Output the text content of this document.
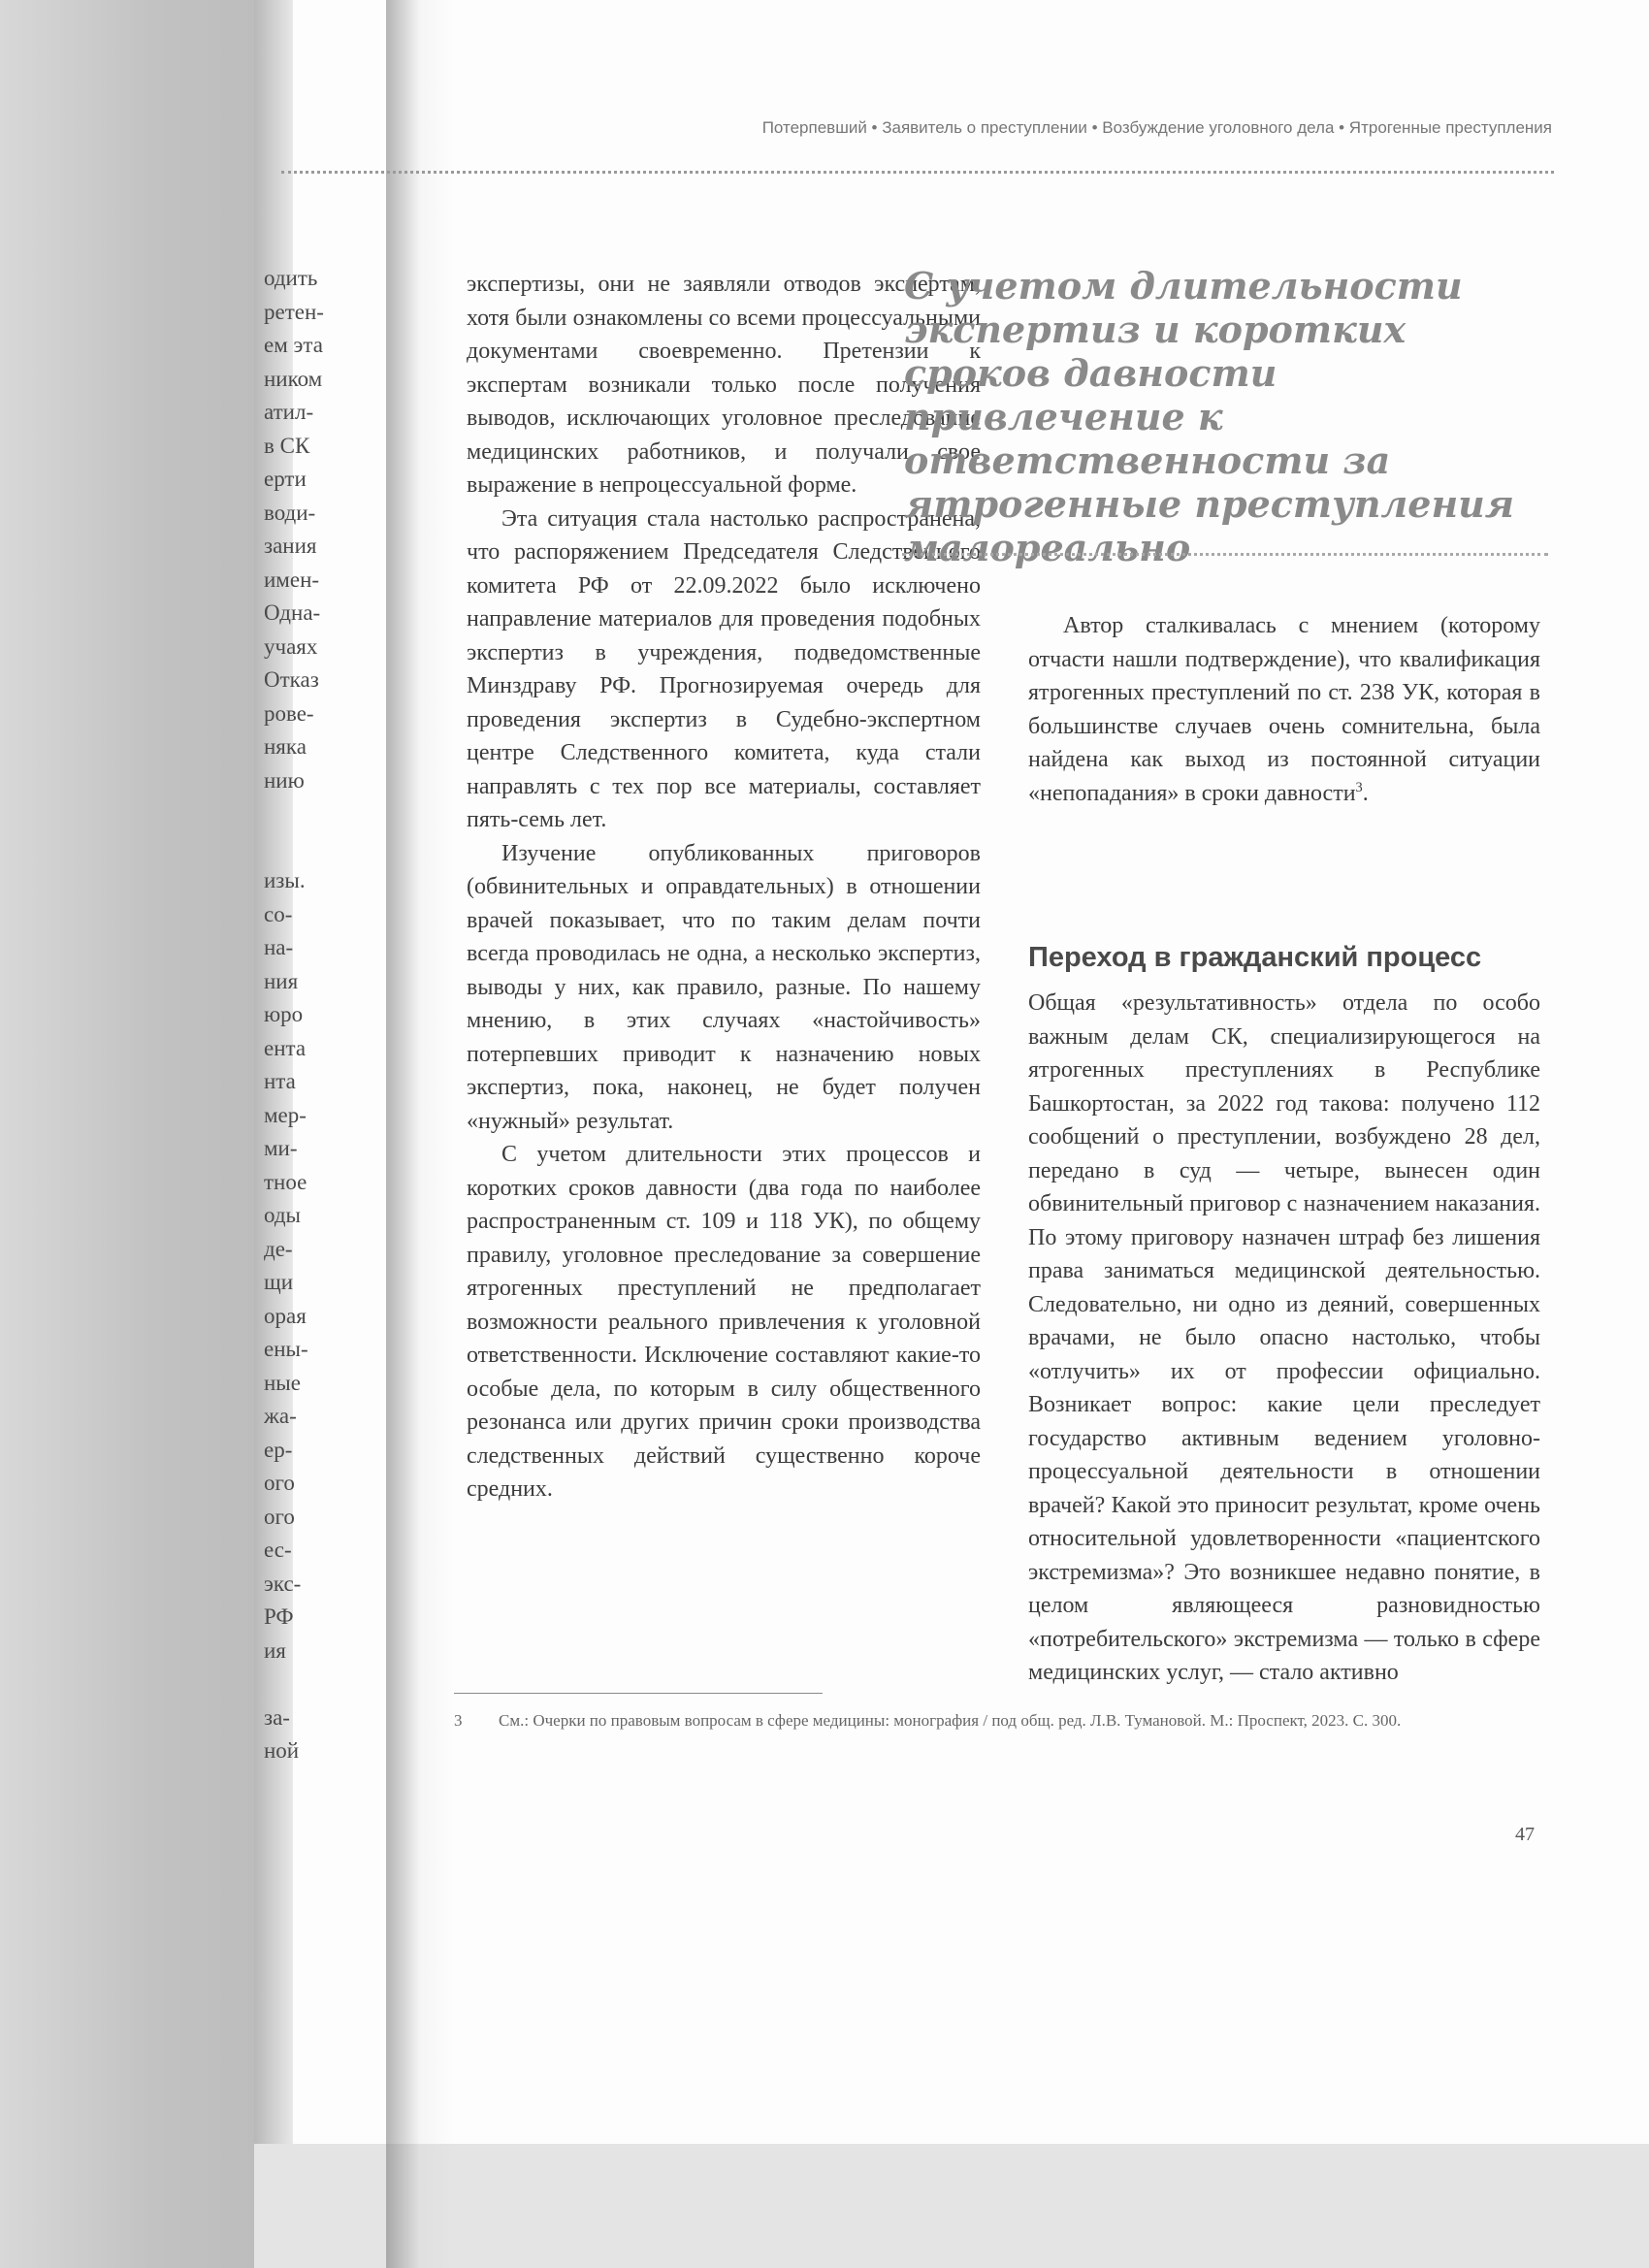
одить
ретен-
ем эта
ником
атил-
в СК
ерти
води-
зания
имен-
Одна-
учаях
Отказ
рове-
няка
нию
изы.
со-
на-
ния
юро
ента
нта
мер-
ми-
тное
оды
де-
щи
орая
ены-
ные
жа-
ер-
ого
ого
ес-
экс-
РФ
ия
за-
ной
Потерпевший • Заявитель о преступлении • Возбуждение уголовного дела • Ятрогенные преступления

экспертизы, они не заявляли отводов экспертам, хотя были ознакомлены со всеми процессуальными документами своевременно. Претензии к экспертам возникали только после получения выводов, исключающих уголовное преследование медицинских работников, и получали свое выражение в непроцессуальной форме.

Эта ситуация стала настолько распространена, что распоряжением Председателя Следственного комитета РФ от 22.09.2022 было исключено направление материалов для проведения подобных экспертиз в учреждения, подведомственные Минздраву РФ. Прогнозируемая очередь для проведения экспертиз в Судебно-экспертном центре Следственного комитета, куда стали направлять с тех пор все материалы, составляет пять-семь лет.

Изучение опубликованных приговоров (обвинительных и оправдательных) в отношении врачей показывает, что по таким делам почти всегда проводилась не одна, а несколько экспертиз, выводы у них, как правило, разные. По нашему мнению, в этих случаях «настойчивость» потерпевших приводит к назначению новых экспертиз, пока, наконец, не будет получен «нужный» результат.

С учетом длительности этих процессов и коротких сроков давности (два года по наиболее распространенным ст. 109 и 118 УК), по общему правилу, уголовное преследование за совершение ятрогенных преступлений не предполагает возможности реального привлечения к уголовной ответственности. Исключение составляют какие-то особые дела, по которым в силу общественного резонанса или других причин сроки производства следственных действий существенно короче средних.

С учетом длительности экспертиз и коротких сроков давности привлечение к ответственности за ятрогенные преступления малореально

Автор сталкивалась с мнением (которому отчасти нашли подтверждение), что квалификация ятрогенных преступлений по ст. 238 УК, которая в большинстве случаев очень сомнительна, была найдена как выход из постоянной ситуации «непопадания» в сроки давности$^3$.

Переход в гражданский процесс

Общая «результативность» отдела по особо важным делам СК, специализирующегося на ятрогенных преступлениях в Республике Башкортостан, за 2022 год такова: получено 112 сообщений о преступлении, возбуждено 28 дел, передано в суд — четыре, вынесен один обвинительный приговор с назначением наказания. По этому приговору назначен штраф без лишения права заниматься медицинской деятельностью. Следовательно, ни одно из деяний, совершенных врачами, не было опасно настолько, чтобы «отлучить» их от профессии официально. Возникает вопрос: какие цели преследует государство активным ведением уголовно-процессуальной деятельности в отношении врачей? Какой это приносит результат, кроме очень относительной удовлетворенности «пациентского экстремизма»? Это возникшее недавно понятие, в целом являющееся разновидностью «потребительского» экстремизма — только в сфере медицинских услуг, — стало активно

3 См.: Очерки по правовым вопросам в сфере медицины: монография / под общ. ред. Л.В. Тумановой. М.: Проспект, 2023. С. 300.
47
